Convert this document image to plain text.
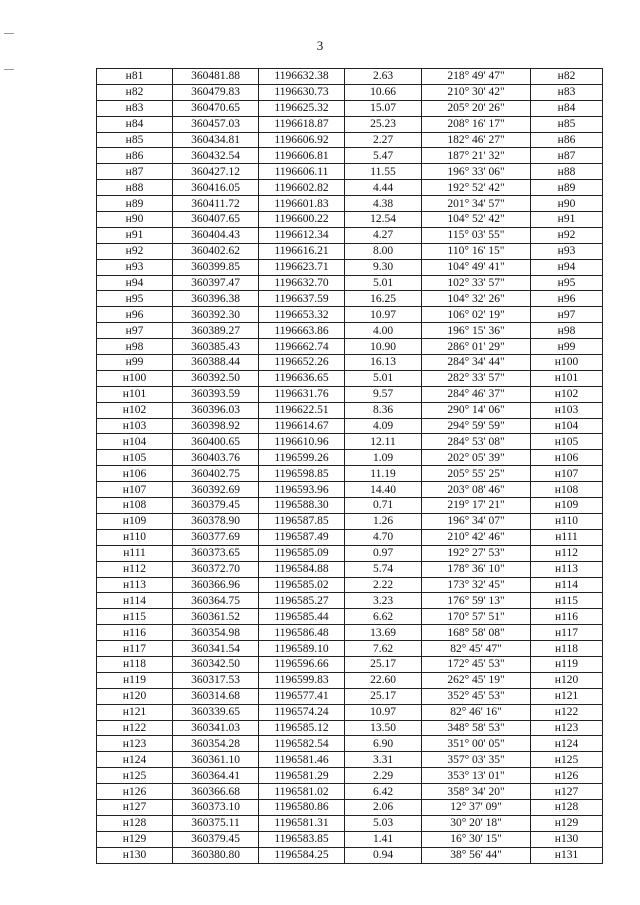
3
н81	360481.88	1196632.38	2.63	218° 49' 47"	н82
н82	360479.83	1196630.73	10.66	210° 30' 42"	н83
н83	360470.65	1196625.32	15.07	205° 20' 26"	н84
н84	360457.03	1196618.87	25.23	208° 16' 17"	н85
н85	360434.81	1196606.92	2.27	182° 46' 27"	н86
н86	360432.54	1196606.81	5.47	187° 21' 32"	н87
н87	360427.12	1196606.11	11.55	196° 33' 06"	н88
н88	360416.05	1196602.82	4.44	192° 52' 42"	н89
н89	360411.72	1196601.83	4.38	201° 34' 57"	н90
н90	360407.65	1196600.22	12.54	104° 52' 42"	н91
н91	360404.43	1196612.34	4.27	115° 03' 55"	н92
н92	360402.62	1196616.21	8.00	110° 16' 15"	н93
н93	360399.85	1196623.71	9.30	104° 49' 41"	н94
н94	360397.47	1196632.70	5.01	102° 33' 57"	н95
н95	360396.38	1196637.59	16.25	104° 32' 26"	н96
н96	360392.30	1196653.32	10.97	106° 02' 19"	н97
н97	360389.27	1196663.86	4.00	196° 15' 36"	н98
н98	360385.43	1196662.74	10.90	286° 01' 29"	н99
н99	360388.44	1196652.26	16.13	284° 34' 44"	н100
н100	360392.50	1196636.65	5.01	282° 33' 57"	н101
н101	360393.59	1196631.76	9.57	284° 46' 37"	н102
н102	360396.03	1196622.51	8.36	290° 14' 06"	н103
н103	360398.92	1196614.67	4.09	294° 59' 59"	н104
н104	360400.65	1196610.96	12.11	284° 53' 08"	н105
н105	360403.76	1196599.26	1.09	202° 05' 39"	н106
н106	360402.75	1196598.85	11.19	205° 55' 25"	н107
н107	360392.69	1196593.96	14.40	203° 08' 46"	н108
н108	360379.45	1196588.30	0.71	219° 17' 21"	н109
н109	360378.90	1196587.85	1.26	196° 34' 07"	н110
н110	360377.69	1196587.49	4.70	210° 42' 46"	н111
н111	360373.65	1196585.09	0.97	192° 27' 53"	н112
н112	360372.70	1196584.88	5.74	178° 36' 10"	н113
н113	360366.96	1196585.02	2.22	173° 32' 45"	н114
н114	360364.75	1196585.27	3.23	176° 59' 13"	н115
н115	360361.52	1196585.44	6.62	170° 57' 51"	н116
н116	360354.98	1196586.48	13.69	168° 58' 08"	н117
н117	360341.54	1196589.10	7.62	82° 45' 47"	н118
н118	360342.50	1196596.66	25.17	172° 45' 53"	н119
н119	360317.53	1196599.83	22.60	262° 45' 19"	н120
н120	360314.68	1196577.41	25.17	352° 45' 53"	н121
н121	360339.65	1196574.24	10.97	82° 46' 16"	н122
н122	360341.03	1196585.12	13.50	348° 58' 53"	н123
н123	360354.28	1196582.54	6.90	351° 00' 05"	н124
н124	360361.10	1196581.46	3.31	357° 03' 35"	н125
н125	360364.41	1196581.29	2.29	353° 13' 01"	н126
н126	360366.68	1196581.02	6.42	358° 34' 20"	н127
н127	360373.10	1196580.86	2.06	12° 37' 09"	н128
н128	360375.11	1196581.31	5.03	30° 20' 18"	н129
н129	360379.45	1196583.85	1.41	16° 30' 15"	н130
н130	360380.80	1196584.25	0.94	38° 56' 44"	н131
